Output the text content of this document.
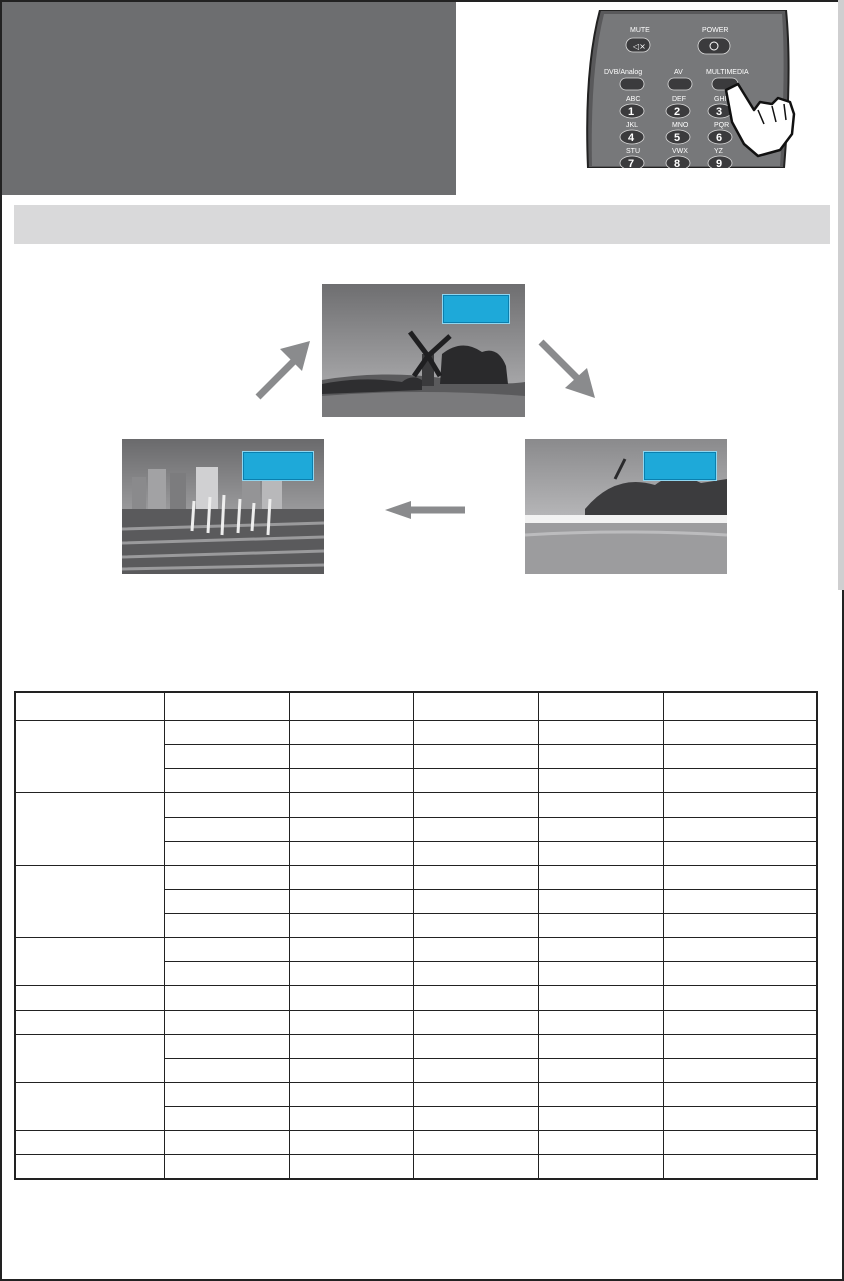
MUTE
◁×
POWER
DVB/Analog	AV	MULTIMEDIA
ABC
1
DEF
2
GHI
3
JKL
4
MNO
5
PQR
6
STU
7
VWX
8
YZ
9
